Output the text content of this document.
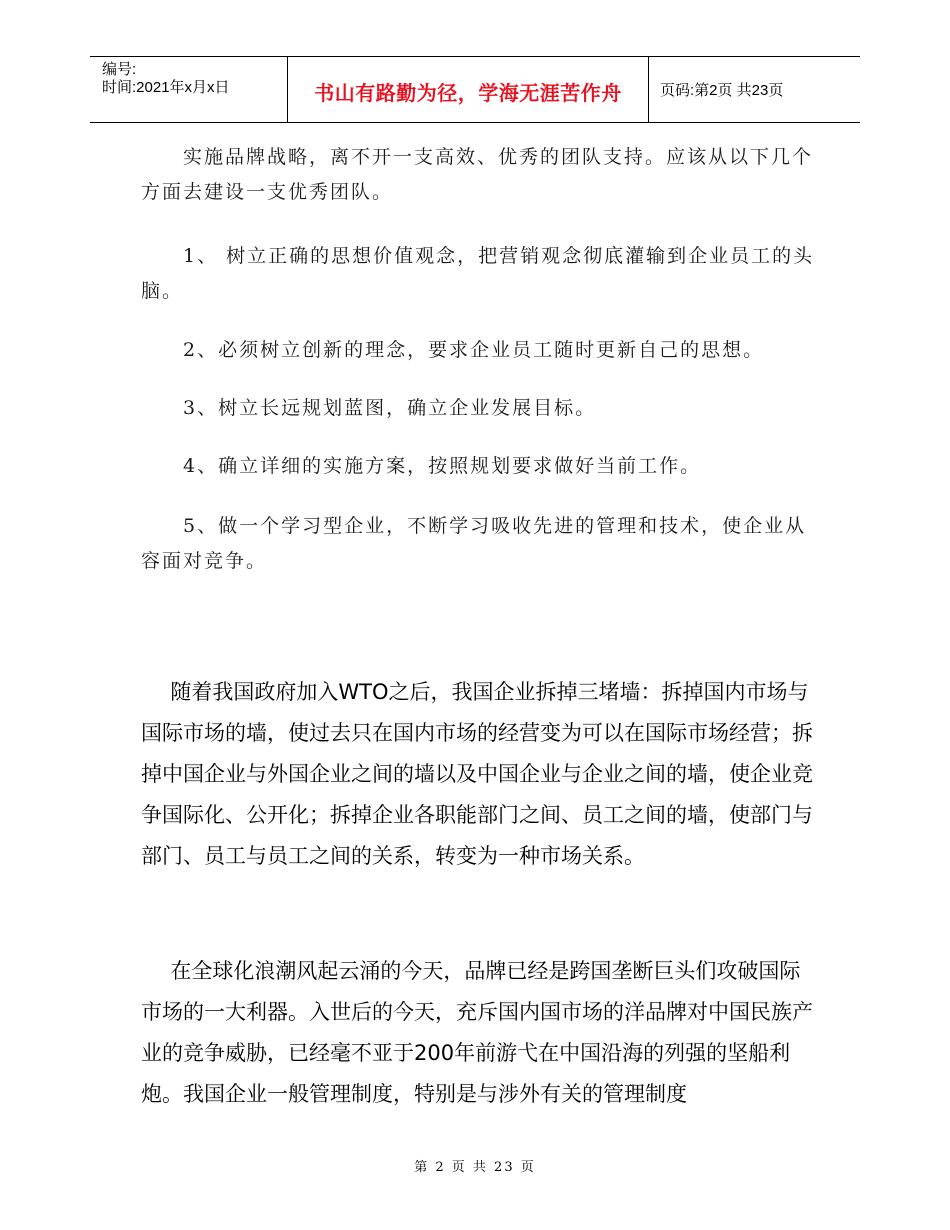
编号:
时间:2021年x月x日	书山有路勤为径，学海无涯苦作舟	页码:第2页 共23页

　　实施品牌战略，离不开一支高效、优秀的团队支持。应该从以下几个方面去建设一支优秀团队。

　　1、 树立正确的思想价值观念，把营销观念彻底灌输到企业员工的头脑。

　　2、必须树立创新的理念，要求企业员工随时更新自己的思想。

　　3、树立长远规划蓝图，确立企业发展目标。

　　4、确立详细的实施方案，按照规划要求做好当前工作。

　　5、做一个学习型企业，不断学习吸收先进的管理和技术，使企业从容面对竞争。

随着我国政府加入WTO之后，我国企业拆掉三堵墙：拆掉国内市场与国际市场的墙，使过去只在国内市场的经营变为可以在国际市场经营；拆掉中国企业与外国企业之间的墙以及中国企业与企业之间的墙，使企业竞争国际化、公开化；拆掉企业各职能部门之间、员工之间的墙，使部门与部门、员工与员工之间的关系，转变为一种市场关系。

在全球化浪潮风起云涌的今天，品牌已经是跨国垄断巨头们攻破国际市场的一大利器。入世后的今天，充斥国内国市场的洋品牌对中国民族产业的竞争威胁，已经毫不亚于200年前游弋在中国沿海的列强的坚船利炮。我国企业一般管理制度，特别是与涉外有关的管理制度

第 2 页 共 23 页
